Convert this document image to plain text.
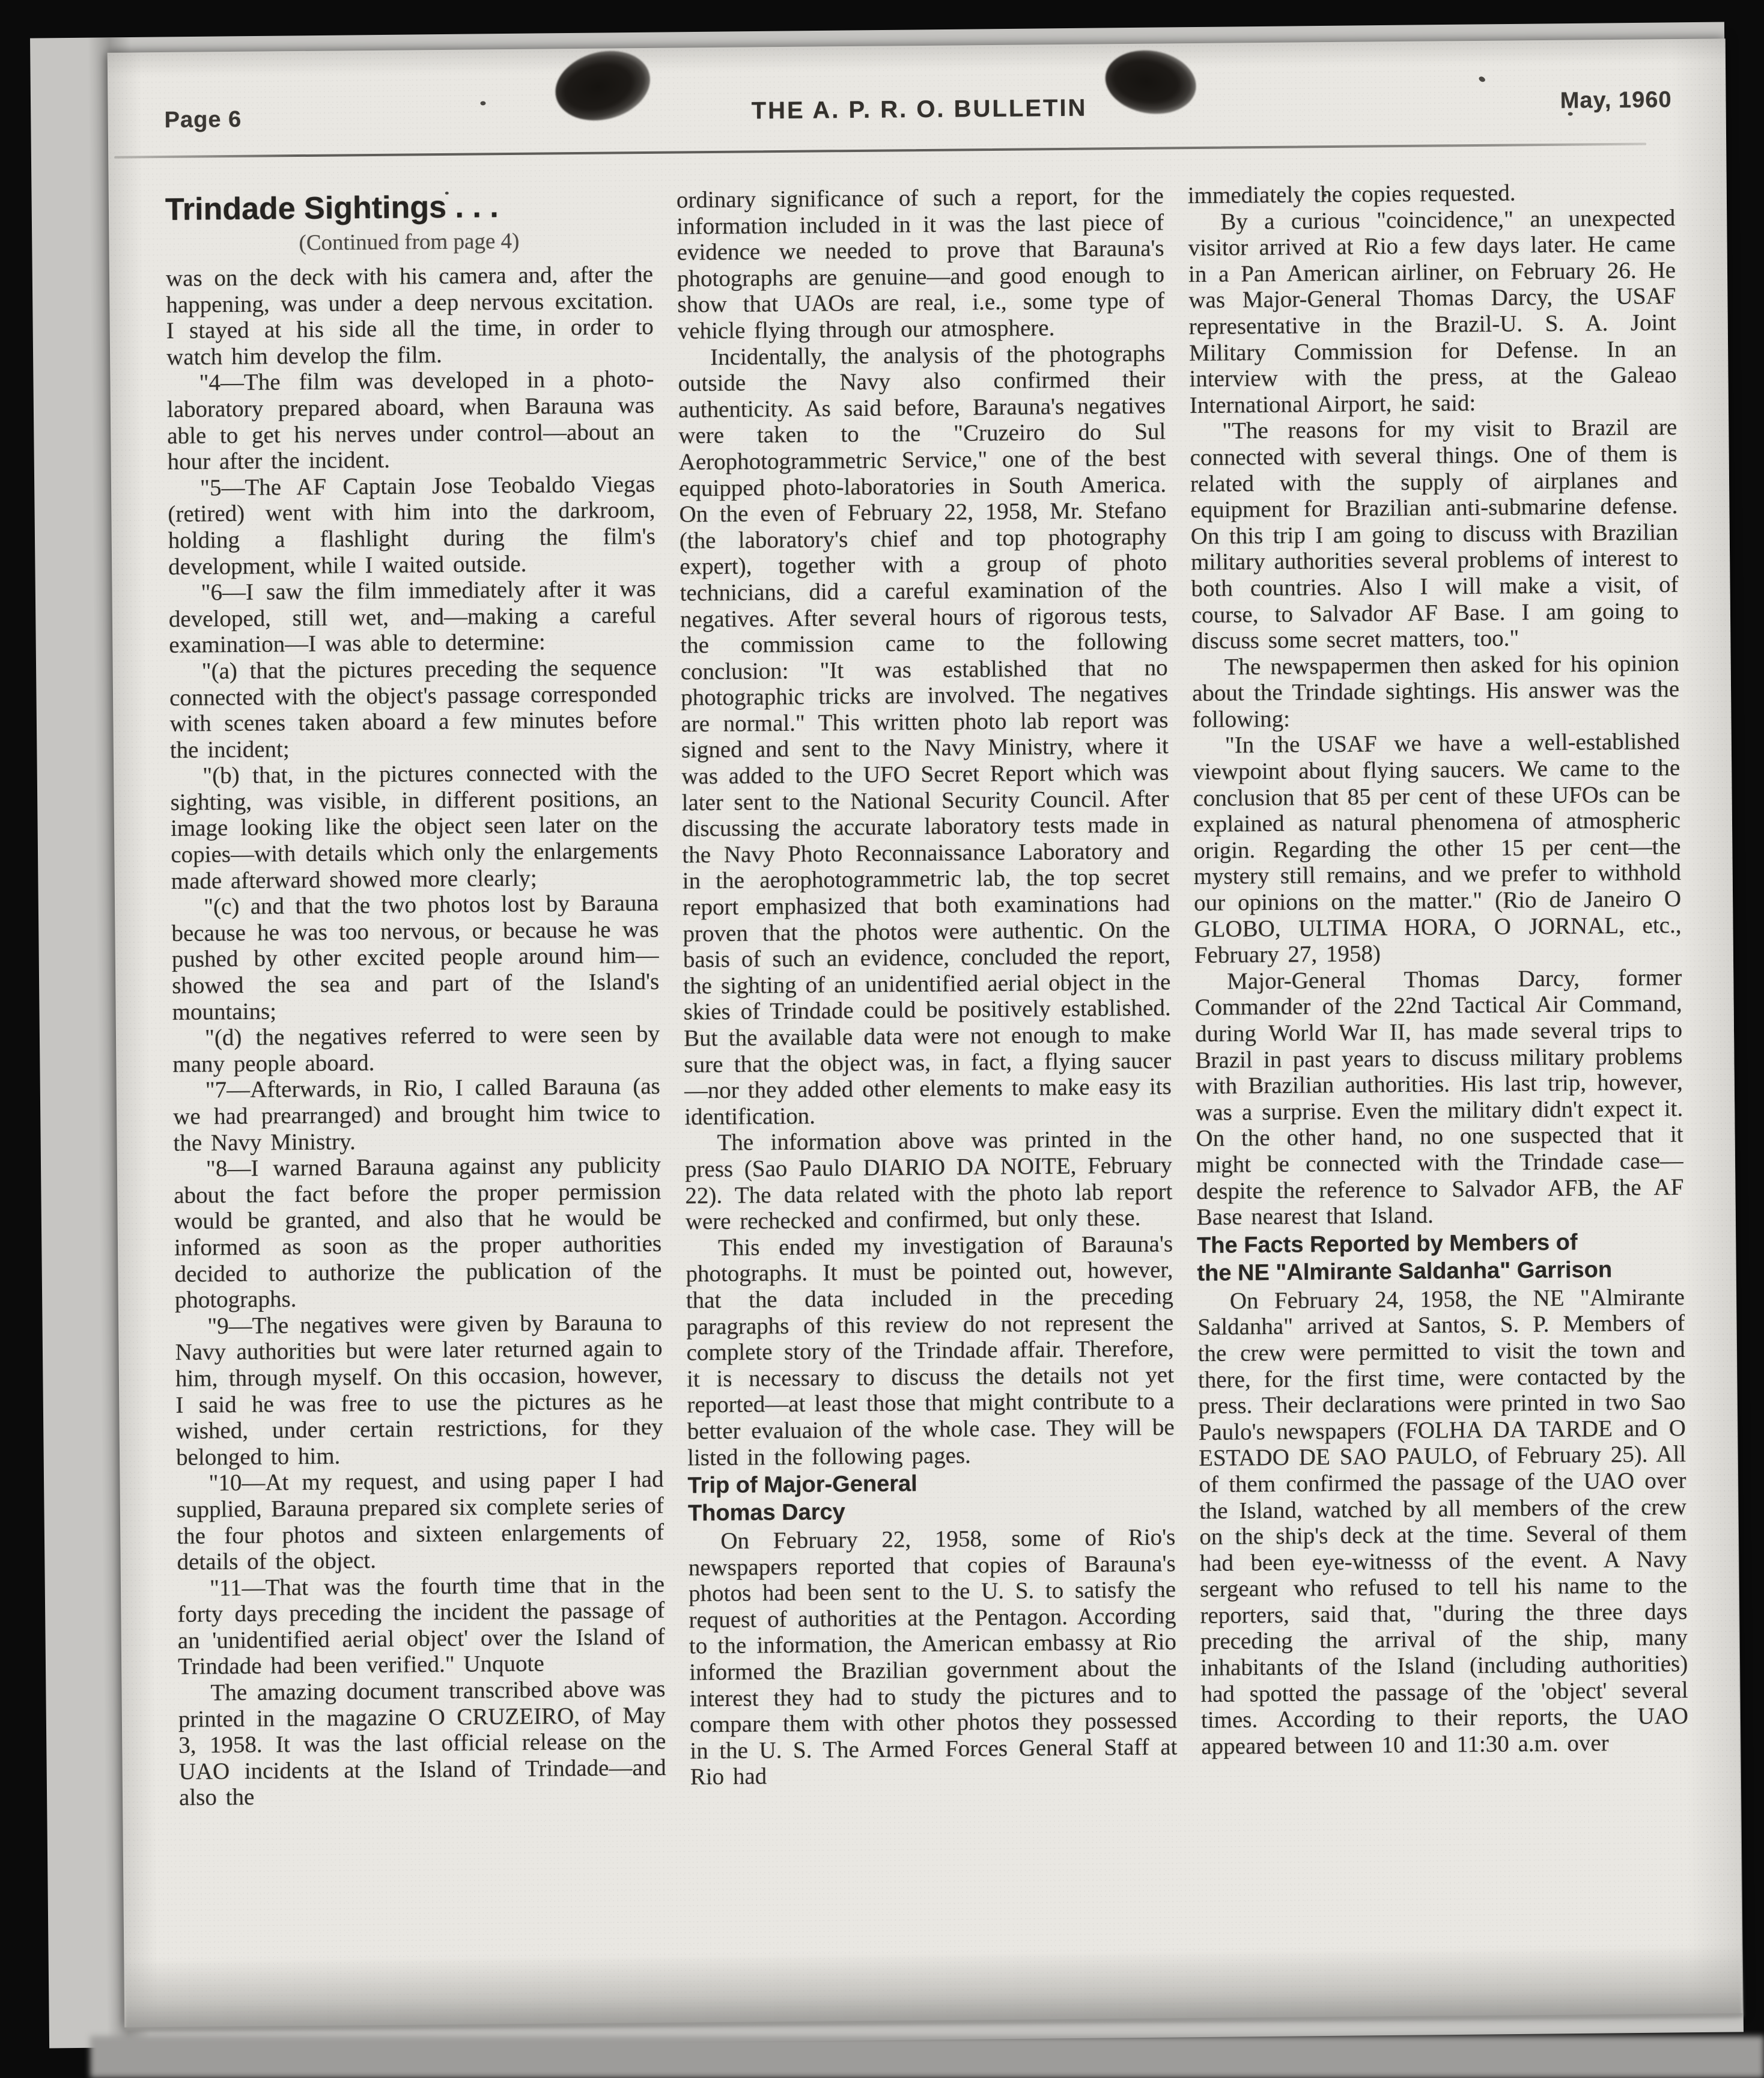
Page 6	THE A. P. R. O. BULLETIN	May, 1960
Trindade Sightings . . .
(Continued from page 4)

was on the deck with his camera and, after the happening, was under a deep nervous excitation. I stayed at his side all the time, in order to watch him develop the film.

"4—The film was developed in a photo-laboratory prepared aboard, when Barauna was able to get his nerves under control—about an hour after the incident.

"5—The AF Captain Jose Teobaldo Viegas (retired) went with him into the darkroom, holding a flashlight during the film's development, while I waited outside.

"6—I saw the film immediately after it was developed, still wet, and—making a careful examination—I was able to determine:

"(a) that the pictures preceding the sequence connected with the object's passage corresponded with scenes taken aboard a few minutes before the incident;

"(b) that, in the pictures connected with the sighting, was visible, in different positions, an image looking like the object seen later on the copies—with details which only the enlargements made afterward showed more clearly;

"(c) and that the two photos lost by Barauna because he was too nervous, or because he was pushed by other excited people around him—showed the sea and part of the Island's mountains;

"(d) the negatives referred to were seen by many people aboard.

"7—Afterwards, in Rio, I called Barauna (as we had prearranged) and brought him twice to the Navy Ministry.

"8—I warned Barauna against any publicity about the fact before the proper permission would be granted, and also that he would be informed as soon as the proper authorities decided to authorize the publication of the photographs.

"9—The negatives were given by Barauna to Navy authorities but were later returned again to him, through myself. On this occasion, however, I said he was free to use the pictures as he wished, under certain restrictions, for they belonged to him.

"10—At my request, and using paper I had supplied, Barauna prepared six complete series of the four photos and sixteen enlargements of details of the object.

"11—That was the fourth time that in the forty days preceding the incident the passage of an 'unidentified aerial object' over the Island of Trindade had been verified." Unquote

The amazing document transcribed above was printed in the magazine O CRUZEIRO, of May 3, 1958. It was the last official release on the UAO incidents at the Island of Trindade—and also the

ordinary significance of such a report, for the information included in it was the last piece of evidence we needed to prove that Barauna's photographs are genuine—and good enough to show that UAOs are real, i.e., some type of vehicle flying through our atmosphere.

Incidentally, the analysis of the photographs outside the Navy also confirmed their authenticity. As said before, Barauna's negatives were taken to the "Cruzeiro do Sul Aerophotogrammetric Service," one of the best equipped photo-laboratories in South America. On the even of February 22, 1958, Mr. Stefano (the laboratory's chief and top photography expert), together with a group of photo technicians, did a careful examination of the negatives. After several hours of rigorous tests, the commission came to the following conclusion: "It was established that no photographic tricks are involved. The negatives are normal." This written photo lab report was signed and sent to the Navy Ministry, where it was added to the UFO Secret Report which was later sent to the National Security Council. After discussing the accurate laboratory tests made in the Navy Photo Reconnaissance Laboratory and in the aerophotogrammetric lab, the top secret report emphasized that both examinations had proven that the photos were authentic. On the basis of such an evidence, concluded the report, the sighting of an unidentified aerial object in the skies of Trindade could be positively established. But the available data were not enough to make sure that the object was, in fact, a flying saucer—nor they added other elements to make easy its identification.

The information above was printed in the press (Sao Paulo DIARIO DA NOITE, February 22). The data related with the photo lab report were rechecked and confirmed, but only these.

This ended my investigation of Barauna's photographs. It must be pointed out, however, that the data included in the preceding paragraphs of this review do not represent the complete story of the Trindade affair. Therefore, it is necessary to discuss the details not yet reported—at least those that might contribute to a better evaluaion of the whole case. They will be listed in the following pages.

Trip of Major-General
Thomas Darcy

On February 22, 1958, some of Rio's newspapers reported that copies of Barauna's photos had been sent to the U. S. to satisfy the request of authorities at the Pentagon. According to the information, the American embassy at Rio informed the Brazilian government about the interest they had to study the pictures and to compare them with other photos they possessed in the U. S. The Armed Forces General Staff at Rio had

immediately the copies requested.

By a curious "coincidence," an unexpected visitor arrived at Rio a few days later. He came in a Pan American airliner, on February 26. He was Major-General Thomas Darcy, the USAF representative in the Brazil-U. S. A. Joint Military Commission for Defense. In an interview with the press, at the Galeao International Airport, he said:

"The reasons for my visit to Brazil are connected with several things. One of them is related with the supply of airplanes and equipment for Brazilian anti-submarine defense. On this trip I am going to discuss with Brazilian military authorities several problems of interest to both countries. Also I will make a visit, of course, to Salvador AF Base. I am going to discuss some secret matters, too."

The newspapermen then asked for his opinion about the Trindade sightings. His answer was the following:

"In the USAF we have a well-established viewpoint about flying saucers. We came to the conclusion that 85 per cent of these UFOs can be explained as natural phenomena of atmospheric origin. Regarding the other 15 per cent—the mystery still remains, and we prefer to withhold our opinions on the matter." (Rio de Janeiro O GLOBO, ULTIMA HORA, O JORNAL, etc., February 27, 1958)

Major-General Thomas Darcy, former Commander of the 22nd Tactical Air Command, during World War II, has made several trips to Brazil in past years to discuss military problems with Brazilian authorities. His last trip, however, was a surprise. Even the military didn't expect it. On the other hand, no one suspected that it might be connected with the Trindade case—despite the reference to Salvador AFB, the AF Base nearest that Island.

The Facts Reported by Members of
the NE "Almirante Saldanha" Garrison

On February 24, 1958, the NE "Almirante Saldanha" arrived at Santos, S. P. Members of the crew were permitted to visit the town and there, for the first time, were contacted by the press. Their declarations were printed in two Sao Paulo's newspapers (FOLHA DA TARDE and O ESTADO DE SAO PAULO, of February 25). All of them confirmed the passage of the UAO over the Island, watched by all members of the crew on the ship's deck at the time. Several of them had been eye-witnesss of the event. A Navy sergeant who refused to tell his name to the reporters, said that, "during the three days preceding the arrival of the ship, many inhabitants of the Island (including authorities) had spotted the passage of the 'object' several times. According to their reports, the UAO appeared between 10 and 11:30 a.m. over
